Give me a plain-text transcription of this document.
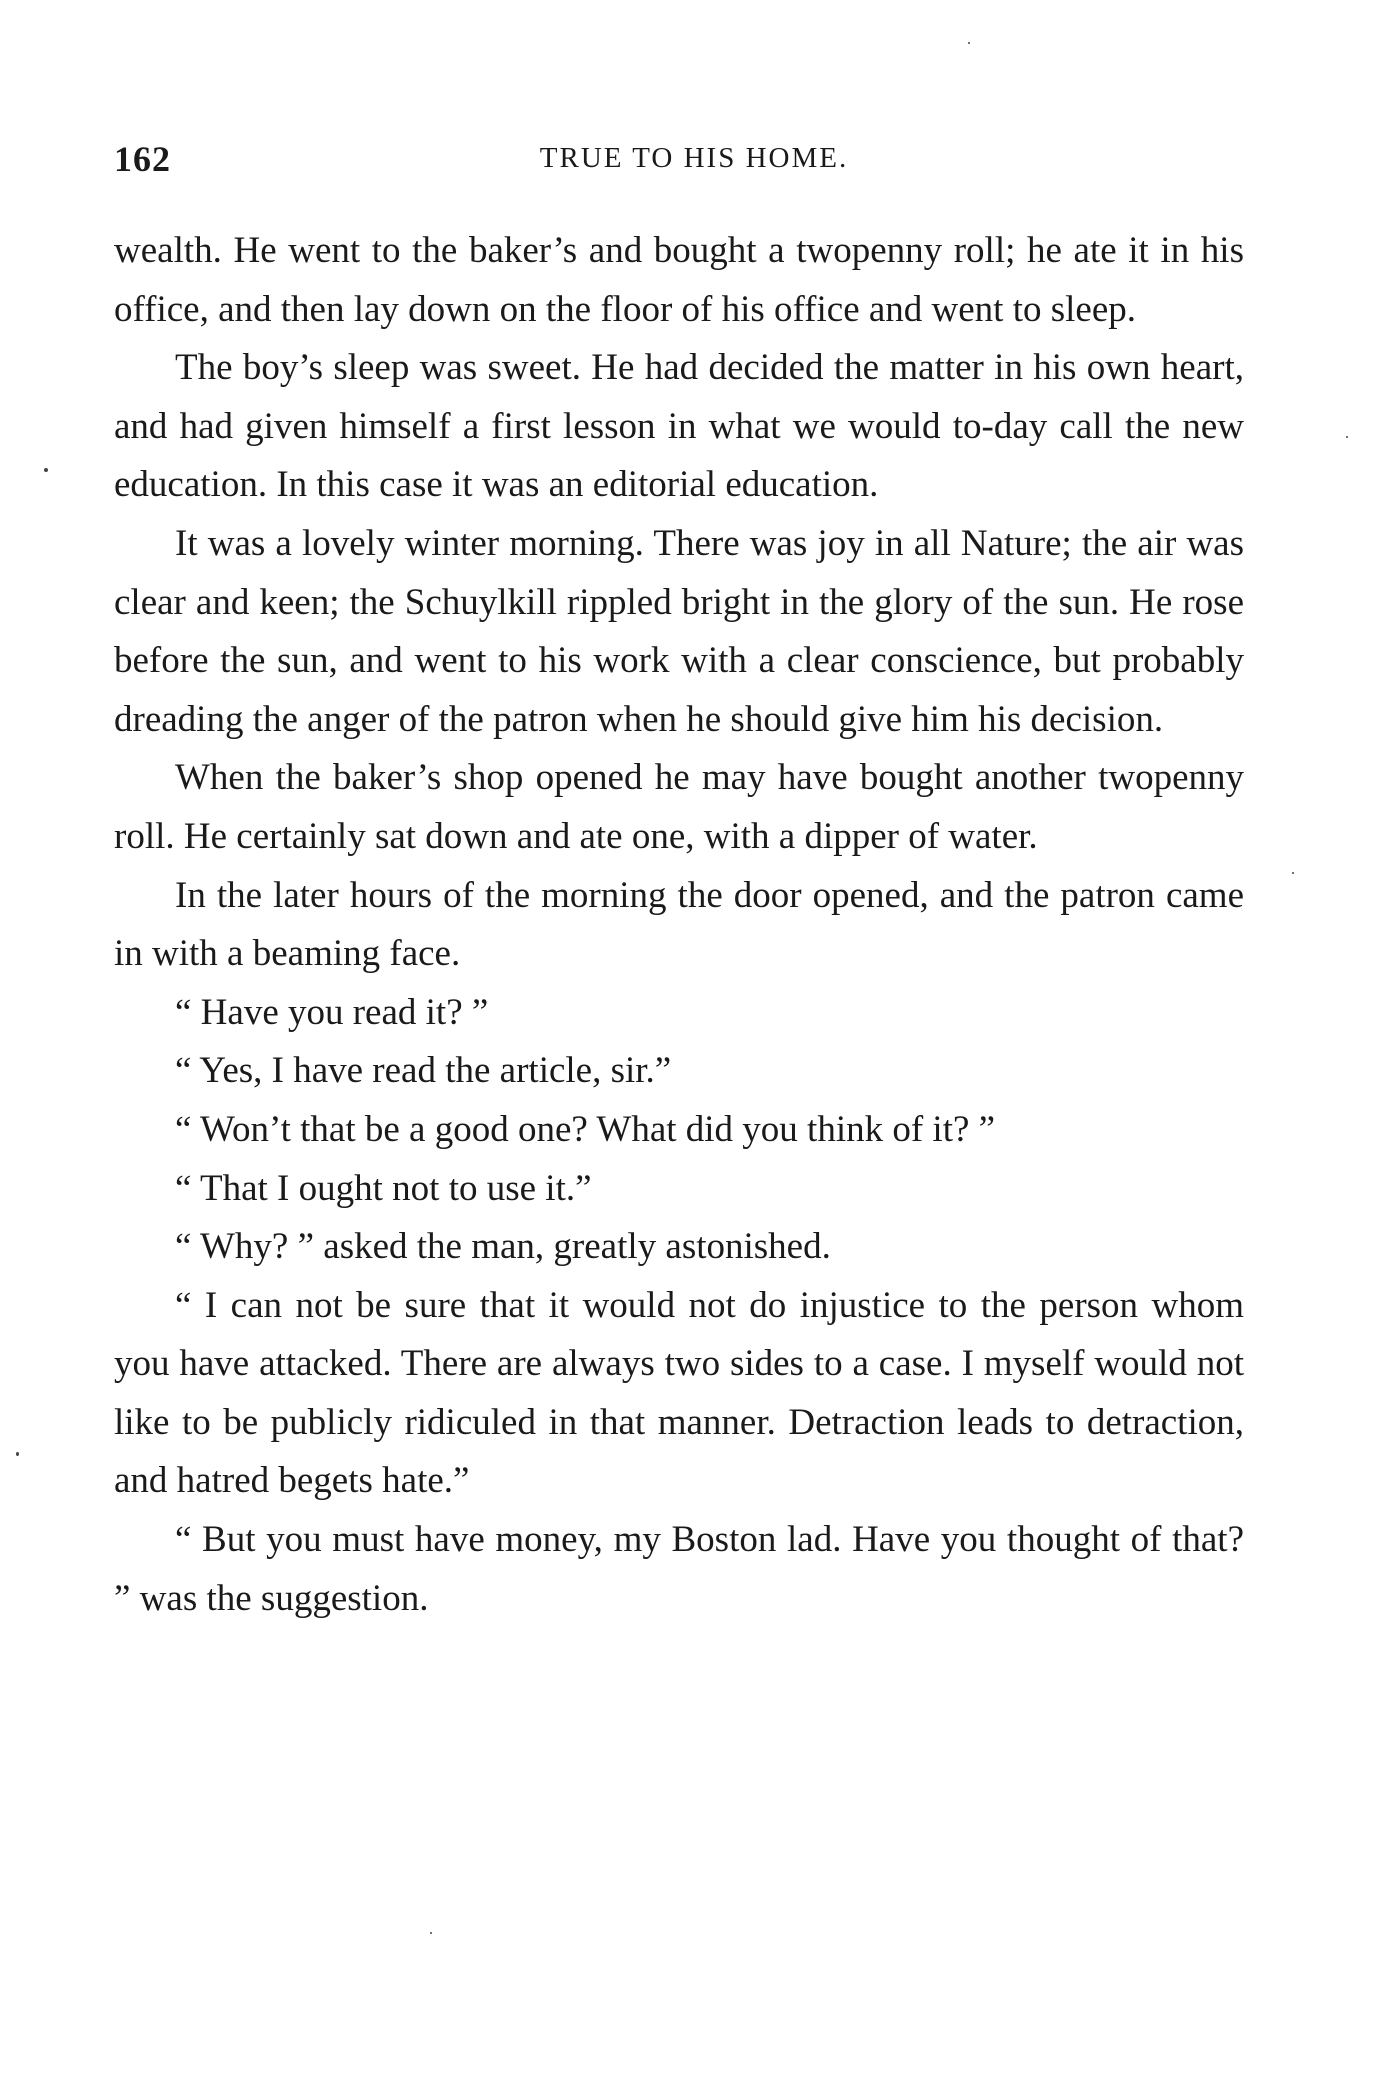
162	TRUE TO HIS HOME.

wealth. He went to the baker’s and bought a twopenny roll; he ate it in his office, and then lay down on the floor of his office and went to sleep.

The boy’s sleep was sweet. He had decided the matter in his own heart, and had given himself a first lesson in what we would to-day call the new education. In this case it was an editorial education.

It was a lovely winter morning. There was joy in all Nature; the air was clear and keen; the Schuylkill rippled bright in the glory of the sun. He rose before the sun, and went to his work with a clear conscience, but probably dreading the anger of the patron when he should give him his decision.

When the baker’s shop opened he may have bought another twopenny roll. He certainly sat down and ate one, with a dipper of water.

In the later hours of the morning the door opened, and the patron came in with a beaming face.

“ Have you read it? ”

“ Yes, I have read the article, sir.”

“ Won’t that be a good one? What did you think of it? ”

“ That I ought not to use it.”

“ Why? ” asked the man, greatly astonished.

“ I can not be sure that it would not do injustice to the person whom you have attacked. There are always two sides to a case. I myself would not like to be publicly ridiculed in that manner. Detraction leads to detraction, and hatred begets hate.”

“ But you must have money, my Boston lad. Have you thought of that? ” was the suggestion.
